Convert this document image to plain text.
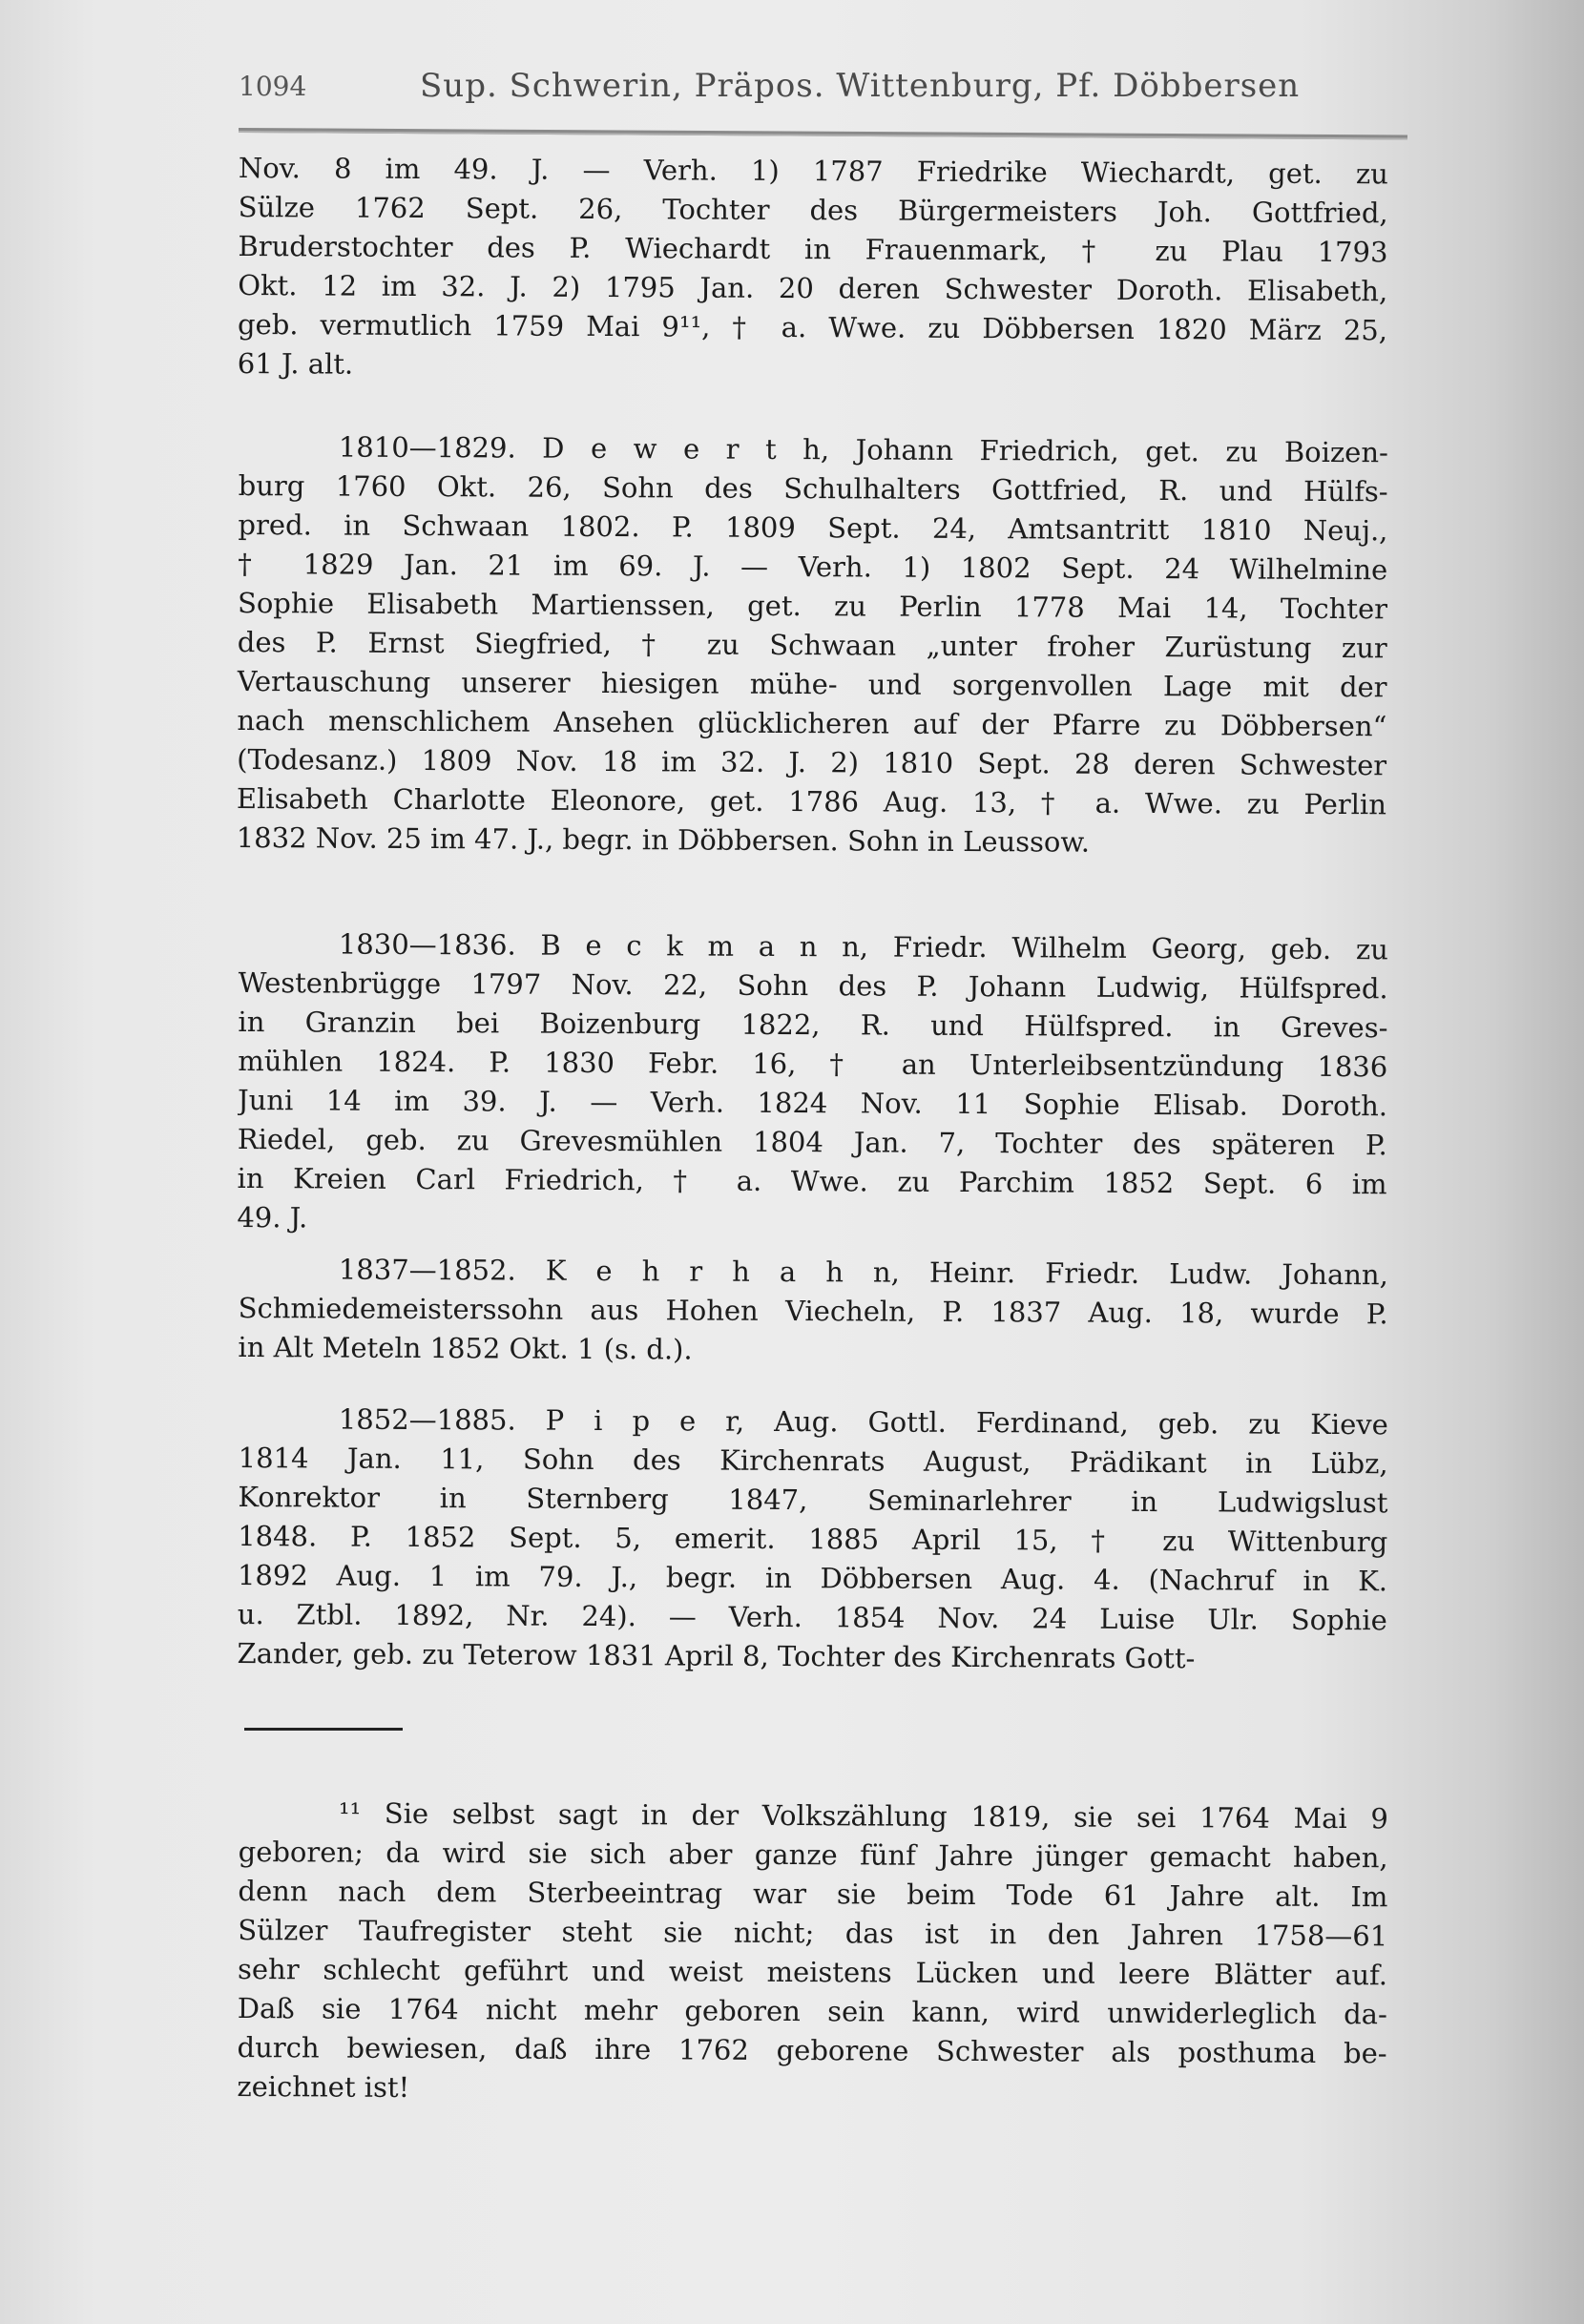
1094	Sup. Schwerin, Präpos. Wittenburg, Pf. Döbbersen
Nov. 8 im 49. J. — Verh. 1) 1787 Friedrike Wiechardt, get. zu
Sülze 1762 Sept. 26, Tochter des Bürgermeisters Joh. Gottfried,
Bruderstochter des P. Wiechardt in Frauenmark, † zu Plau 1793
Okt. 12 im 32. J. 2) 1795 Jan. 20 deren Schwester Doroth. Elisabeth,
geb. vermutlich 1759 Mai 9¹¹, † a. Wwe. zu Döbbersen 1820 März 25,
61 J. alt.
1810—1829. D e w e r t h, Johann Friedrich, get. zu Boizen-
burg 1760 Okt. 26, Sohn des Schulhalters Gottfried, R. und Hülfs-
pred. in Schwaan 1802. P. 1809 Sept. 24, Amtsantritt 1810 Neuj.,
† 1829 Jan. 21 im 69. J. — Verh. 1) 1802 Sept. 24 Wilhelmine
Sophie Elisabeth Martienssen, get. zu Perlin 1778 Mai 14, Tochter
des P. Ernst Siegfried, † zu Schwaan „unter froher Zurüstung zur
Vertauschung unserer hiesigen mühe- und sorgenvollen Lage mit der
nach menschlichem Ansehen glücklicheren auf der Pfarre zu Döbbersen“
(Todesanz.) 1809 Nov. 18 im 32. J. 2) 1810 Sept. 28 deren Schwester
Elisabeth Charlotte Eleonore, get. 1786 Aug. 13, † a. Wwe. zu Perlin
1832 Nov. 25 im 47. J., begr. in Döbbersen. Sohn in Leussow.
1830—1836. B e c k m a n n, Friedr. Wilhelm Georg, geb. zu
Westenbrügge 1797 Nov. 22, Sohn des P. Johann Ludwig, Hülfspred.
in Granzin bei Boizenburg 1822, R. und Hülfspred. in Greves-
mühlen 1824. P. 1830 Febr. 16, † an Unterleibsentzündung 1836
Juni 14 im 39. J. — Verh. 1824 Nov. 11 Sophie Elisab. Doroth.
Riedel, geb. zu Grevesmühlen 1804 Jan. 7, Tochter des späteren P.
in Kreien Carl Friedrich, † a. Wwe. zu Parchim 1852 Sept. 6 im
49. J.
1837—1852. K e h r h a h n, Heinr. Friedr. Ludw. Johann,
Schmiedemeisterssohn aus Hohen Viecheln, P. 1837 Aug. 18, wurde P.
in Alt Meteln 1852 Okt. 1 (s. d.).
1852—1885. P i p e r, Aug. Gottl. Ferdinand, geb. zu Kieve
1814 Jan. 11, Sohn des Kirchenrats August, Prädikant in Lübz,
Konrektor in Sternberg 1847, Seminarlehrer in Ludwigslust
1848. P. 1852 Sept. 5, emerit. 1885 April 15, † zu Wittenburg
1892 Aug. 1 im 79. J., begr. in Döbbersen Aug. 4. (Nachruf in K.
u. Ztbl. 1892, Nr. 24). — Verh. 1854 Nov. 24 Luise Ulr. Sophie
Zander, geb. zu Teterow 1831 April 8, Tochter des Kirchenrats Gott-
¹¹ Sie selbst sagt in der Volkszählung 1819, sie sei 1764 Mai 9
geboren; da wird sie sich aber ganze fünf Jahre jünger gemacht haben,
denn nach dem Sterbeeintrag war sie beim Tode 61 Jahre alt. Im
Sülzer Taufregister steht sie nicht; das ist in den Jahren 1758—61
sehr schlecht geführt und weist meistens Lücken und leere Blätter auf.
Daß sie 1764 nicht mehr geboren sein kann, wird unwiderleglich da-
durch bewiesen, daß ihre 1762 geborene Schwester als posthuma be-
zeichnet ist!
